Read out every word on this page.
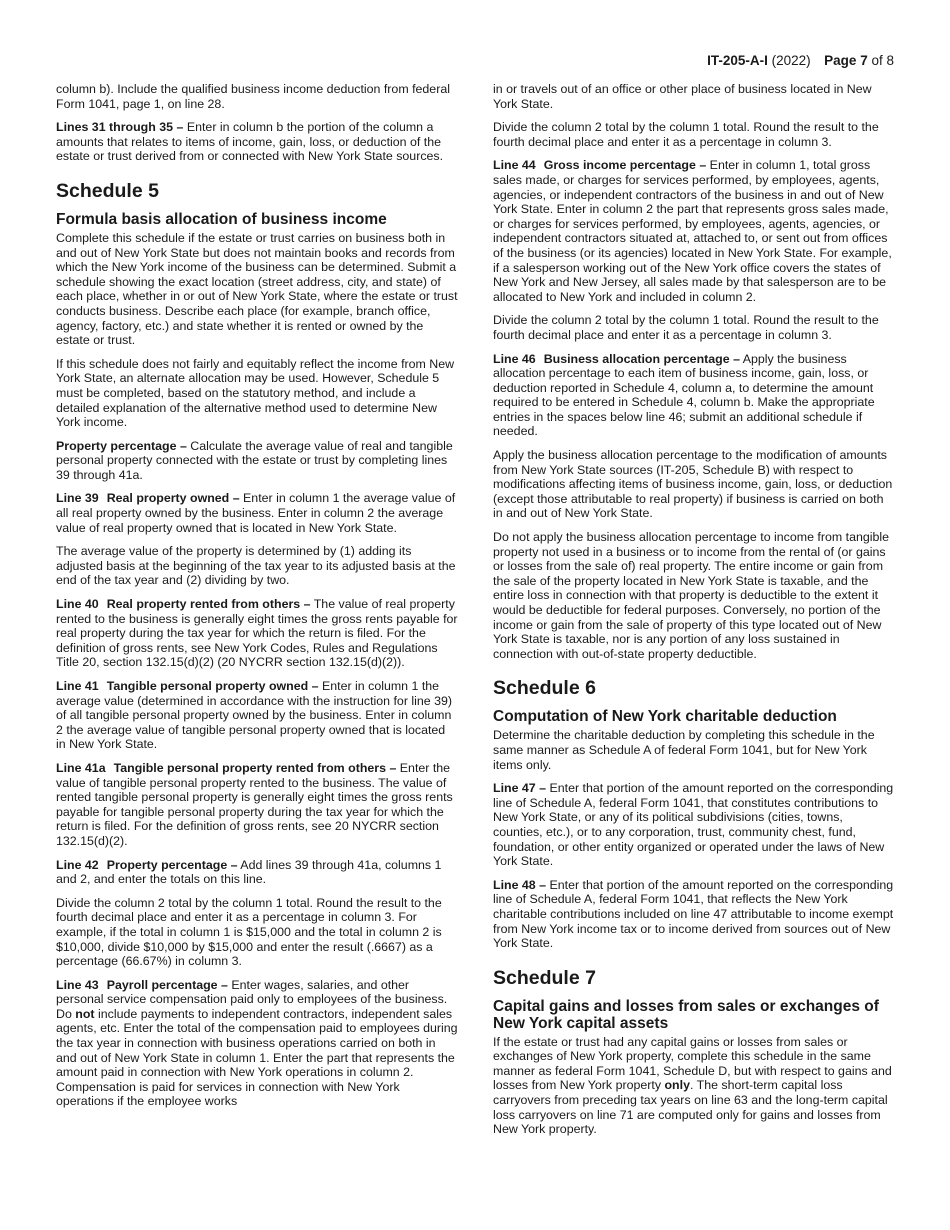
IT-205-A-I (2022) Page 7 of 8

column b). Include the qualified business income deduction from federal Form 1041, page 1, on line 28.

Lines 31 through 35 – Enter in column b the portion of the column a amounts that relates to items of income, gain, loss, or deduction of the estate or trust derived from or connected with New York State sources.

Schedule 5
Formula basis allocation of business income

Complete this schedule if the estate or trust carries on business both in and out of New York State but does not maintain books and records from which the New York income of the business can be determined. Submit a schedule showing the exact location (street address, city, and state) of each place, whether in or out of New York State, where the estate or trust conducts business. Describe each place (for example, branch office, agency, factory, etc.) and state whether it is rented or owned by the estate or trust.

If this schedule does not fairly and equitably reflect the income from New York State, an alternate allocation may be used. However, Schedule 5 must be completed, based on the statutory method, and include a detailed explanation of the alternative method used to determine New York income.

Property percentage – Calculate the average value of real and tangible personal property connected with the estate or trust by completing lines 39 through 41a.

Line 39 Real property owned – Enter in column 1 the average value of all real property owned by the business. Enter in column 2 the average value of real property owned that is located in New York State.

The average value of the property is determined by (1) adding its adjusted basis at the beginning of the tax year to its adjusted basis at the end of the tax year and (2) dividing by two.

Line 40 Real property rented from others – The value of real property rented to the business is generally eight times the gross rents payable for real property during the tax year for which the return is filed. For the definition of gross rents, see New York Codes, Rules and Regulations Title 20, section 132.15(d)(2) (20 NYCRR section 132.15(d)(2)).

Line 41 Tangible personal property owned – Enter in column 1 the average value (determined in accordance with the instruction for line 39) of all tangible personal property owned by the business. Enter in column 2 the average value of tangible personal property owned that is located in New York State.

Line 41a Tangible personal property rented from others – Enter the value of tangible personal property rented to the business. The value of rented tangible personal property is generally eight times the gross rents payable for tangible personal property during the tax year for which the return is filed. For the definition of gross rents, see 20 NYCRR section 132.15(d)(2).

Line 42 Property percentage – Add lines 39 through 41a, columns 1 and 2, and enter the totals on this line.

Divide the column 2 total by the column 1 total. Round the result to the fourth decimal place and enter it as a percentage in column 3. For example, if the total in column 1 is $15,000 and the total in column 2 is $10,000, divide $10,000 by $15,000 and enter the result (.6667) as a percentage (66.67%) in column 3.

Line 43 Payroll percentage – Enter wages, salaries, and other personal service compensation paid only to employees of the business. Do not include payments to independent contractors, independent sales agents, etc. Enter the total of the compensation paid to employees during the tax year in connection with business operations carried on both in and out of New York State in column 1. Enter the part that represents the amount paid in connection with New York operations in column 2. Compensation is paid for services in connection with New York operations if the employee works

in or travels out of an office or other place of business located in New York State.

Divide the column 2 total by the column 1 total. Round the result to the fourth decimal place and enter it as a percentage in column 3.

Line 44 Gross income percentage – Enter in column 1, total gross sales made, or charges for services performed, by employees, agents, agencies, or independent contractors of the business in and out of New York State. Enter in column 2 the part that represents gross sales made, or charges for services performed, by employees, agents, agencies, or independent contractors situated at, attached to, or sent out from offices of the business (or its agencies) located in New York State. For example, if a salesperson working out of the New York office covers the states of New York and New Jersey, all sales made by that salesperson are to be allocated to New York and included in column 2.

Divide the column 2 total by the column 1 total. Round the result to the fourth decimal place and enter it as a percentage in column 3.

Line 46 Business allocation percentage – Apply the business allocation percentage to each item of business income, gain, loss, or deduction reported in Schedule 4, column a, to determine the amount required to be entered in Schedule 4, column b. Make the appropriate entries in the spaces below line 46; submit an additional schedule if needed.

Apply the business allocation percentage to the modification of amounts from New York State sources (IT-205, Schedule B) with respect to modifications affecting items of business income, gain, loss, or deduction (except those attributable to real property) if business is carried on both in and out of New York State.

Do not apply the business allocation percentage to income from tangible property not used in a business or to income from the rental of (or gains or losses from the sale of) real property. The entire income or gain from the sale of the property located in New York State is taxable, and the entire loss in connection with that property is deductible to the extent it would be deductible for federal purposes. Conversely, no portion of the income or gain from the sale of property of this type located out of New York State is taxable, nor is any portion of any loss sustained in connection with out-of-state property deductible.

Schedule 6
Computation of New York charitable deduction

Determine the charitable deduction by completing this schedule in the same manner as Schedule A of federal Form 1041, but for New York items only.

Line 47 – Enter that portion of the amount reported on the corresponding line of Schedule A, federal Form 1041, that constitutes contributions to New York State, or any of its political subdivisions (cities, towns, counties, etc.), or to any corporation, trust, community chest, fund, foundation, or other entity organized or operated under the laws of New York State.

Line 48 – Enter that portion of the amount reported on the corresponding line of Schedule A, federal Form 1041, that reflects the New York charitable contributions included on line 47 attributable to income exempt from New York income tax or to income derived from sources out of New York State.

Schedule 7
Capital gains and losses from sales or exchanges of New York capital assets

If the estate or trust had any capital gains or losses from sales or exchanges of New York property, complete this schedule in the same manner as federal Form 1041, Schedule D, but with respect to gains and losses from New York property only. The short-term capital loss carryovers from preceding tax years on line 63 and the long-term capital loss carryovers on line 71 are computed only for gains and losses from New York property.
